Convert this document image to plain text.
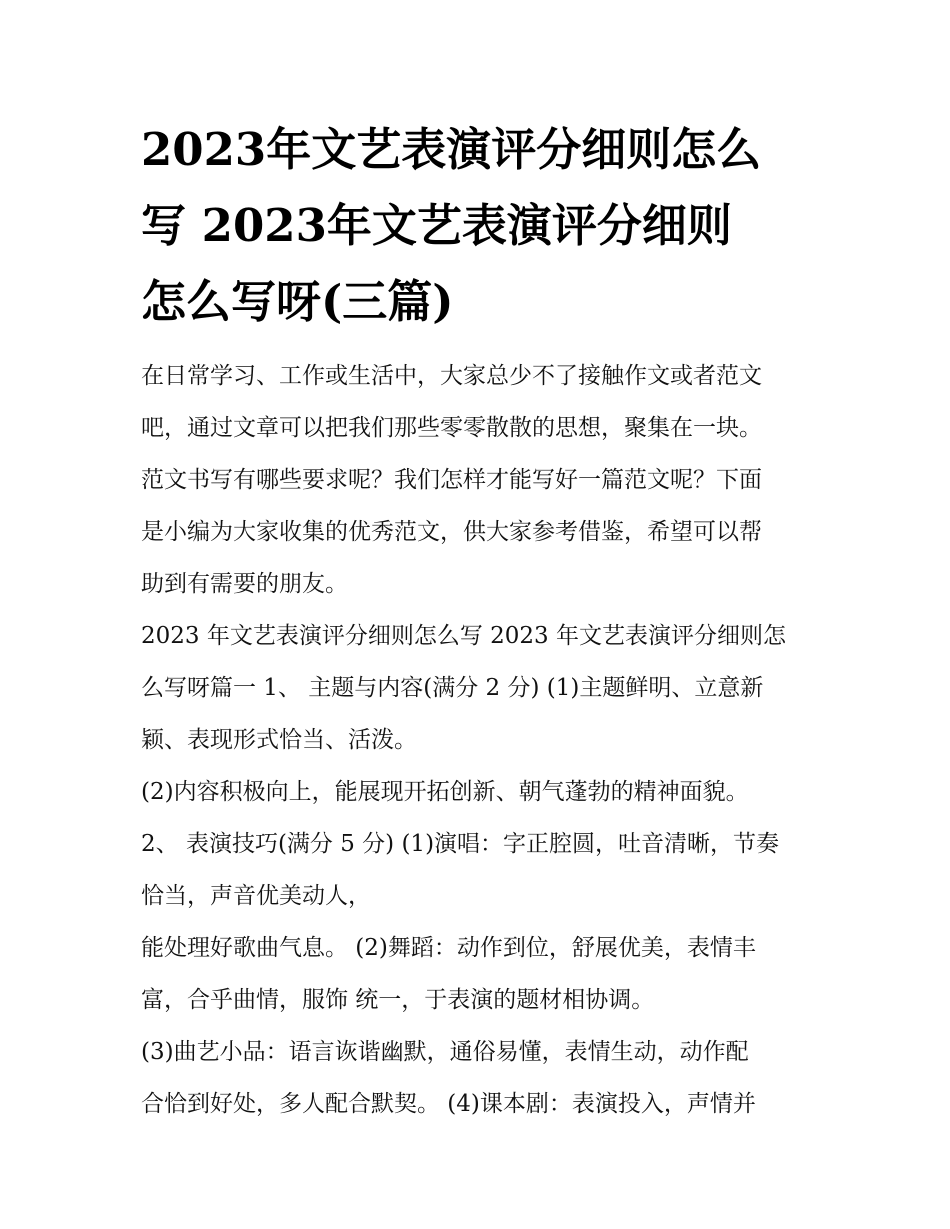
2023年文艺表演评分细则怎么
写 2023年文艺表演评分细则
怎么写呀(三篇)

在日常学习、工作或生活中，大家总少不了接触作文或者范文
吧，通过文章可以把我们那些零零散散的思想，聚集在一块。
范文书写有哪些要求呢？我们怎样才能写好一篇范文呢？下面
是小编为大家收集的优秀范文，供大家参考借鉴，希望可以帮
助到有需要的朋友。

2023 年文艺表演评分细则怎么写 2023 年文艺表演评分细则怎
么写呀篇一 1、 主题与内容(满分 2 分) (1)主题鲜明、立意新
颖、表现形式恰当、活泼。

(2)内容积极向上，能展现开拓创新、朝气蓬勃的精神面貌。

2、 表演技巧(满分 5 分) (1)演唱：字正腔圆，吐音清晰，节奏
恰当，声音优美动人，

能处理好歌曲气息。 (2)舞蹈：动作到位，舒展优美，表情丰
富，合乎曲情，服饰 统一，于表演的题材相协调。

(3)曲艺小品：语言诙谐幽默，通俗易懂，表情生动，动作配
合恰到好处，多人配合默契。 (4)课本剧：表演投入，声情并
